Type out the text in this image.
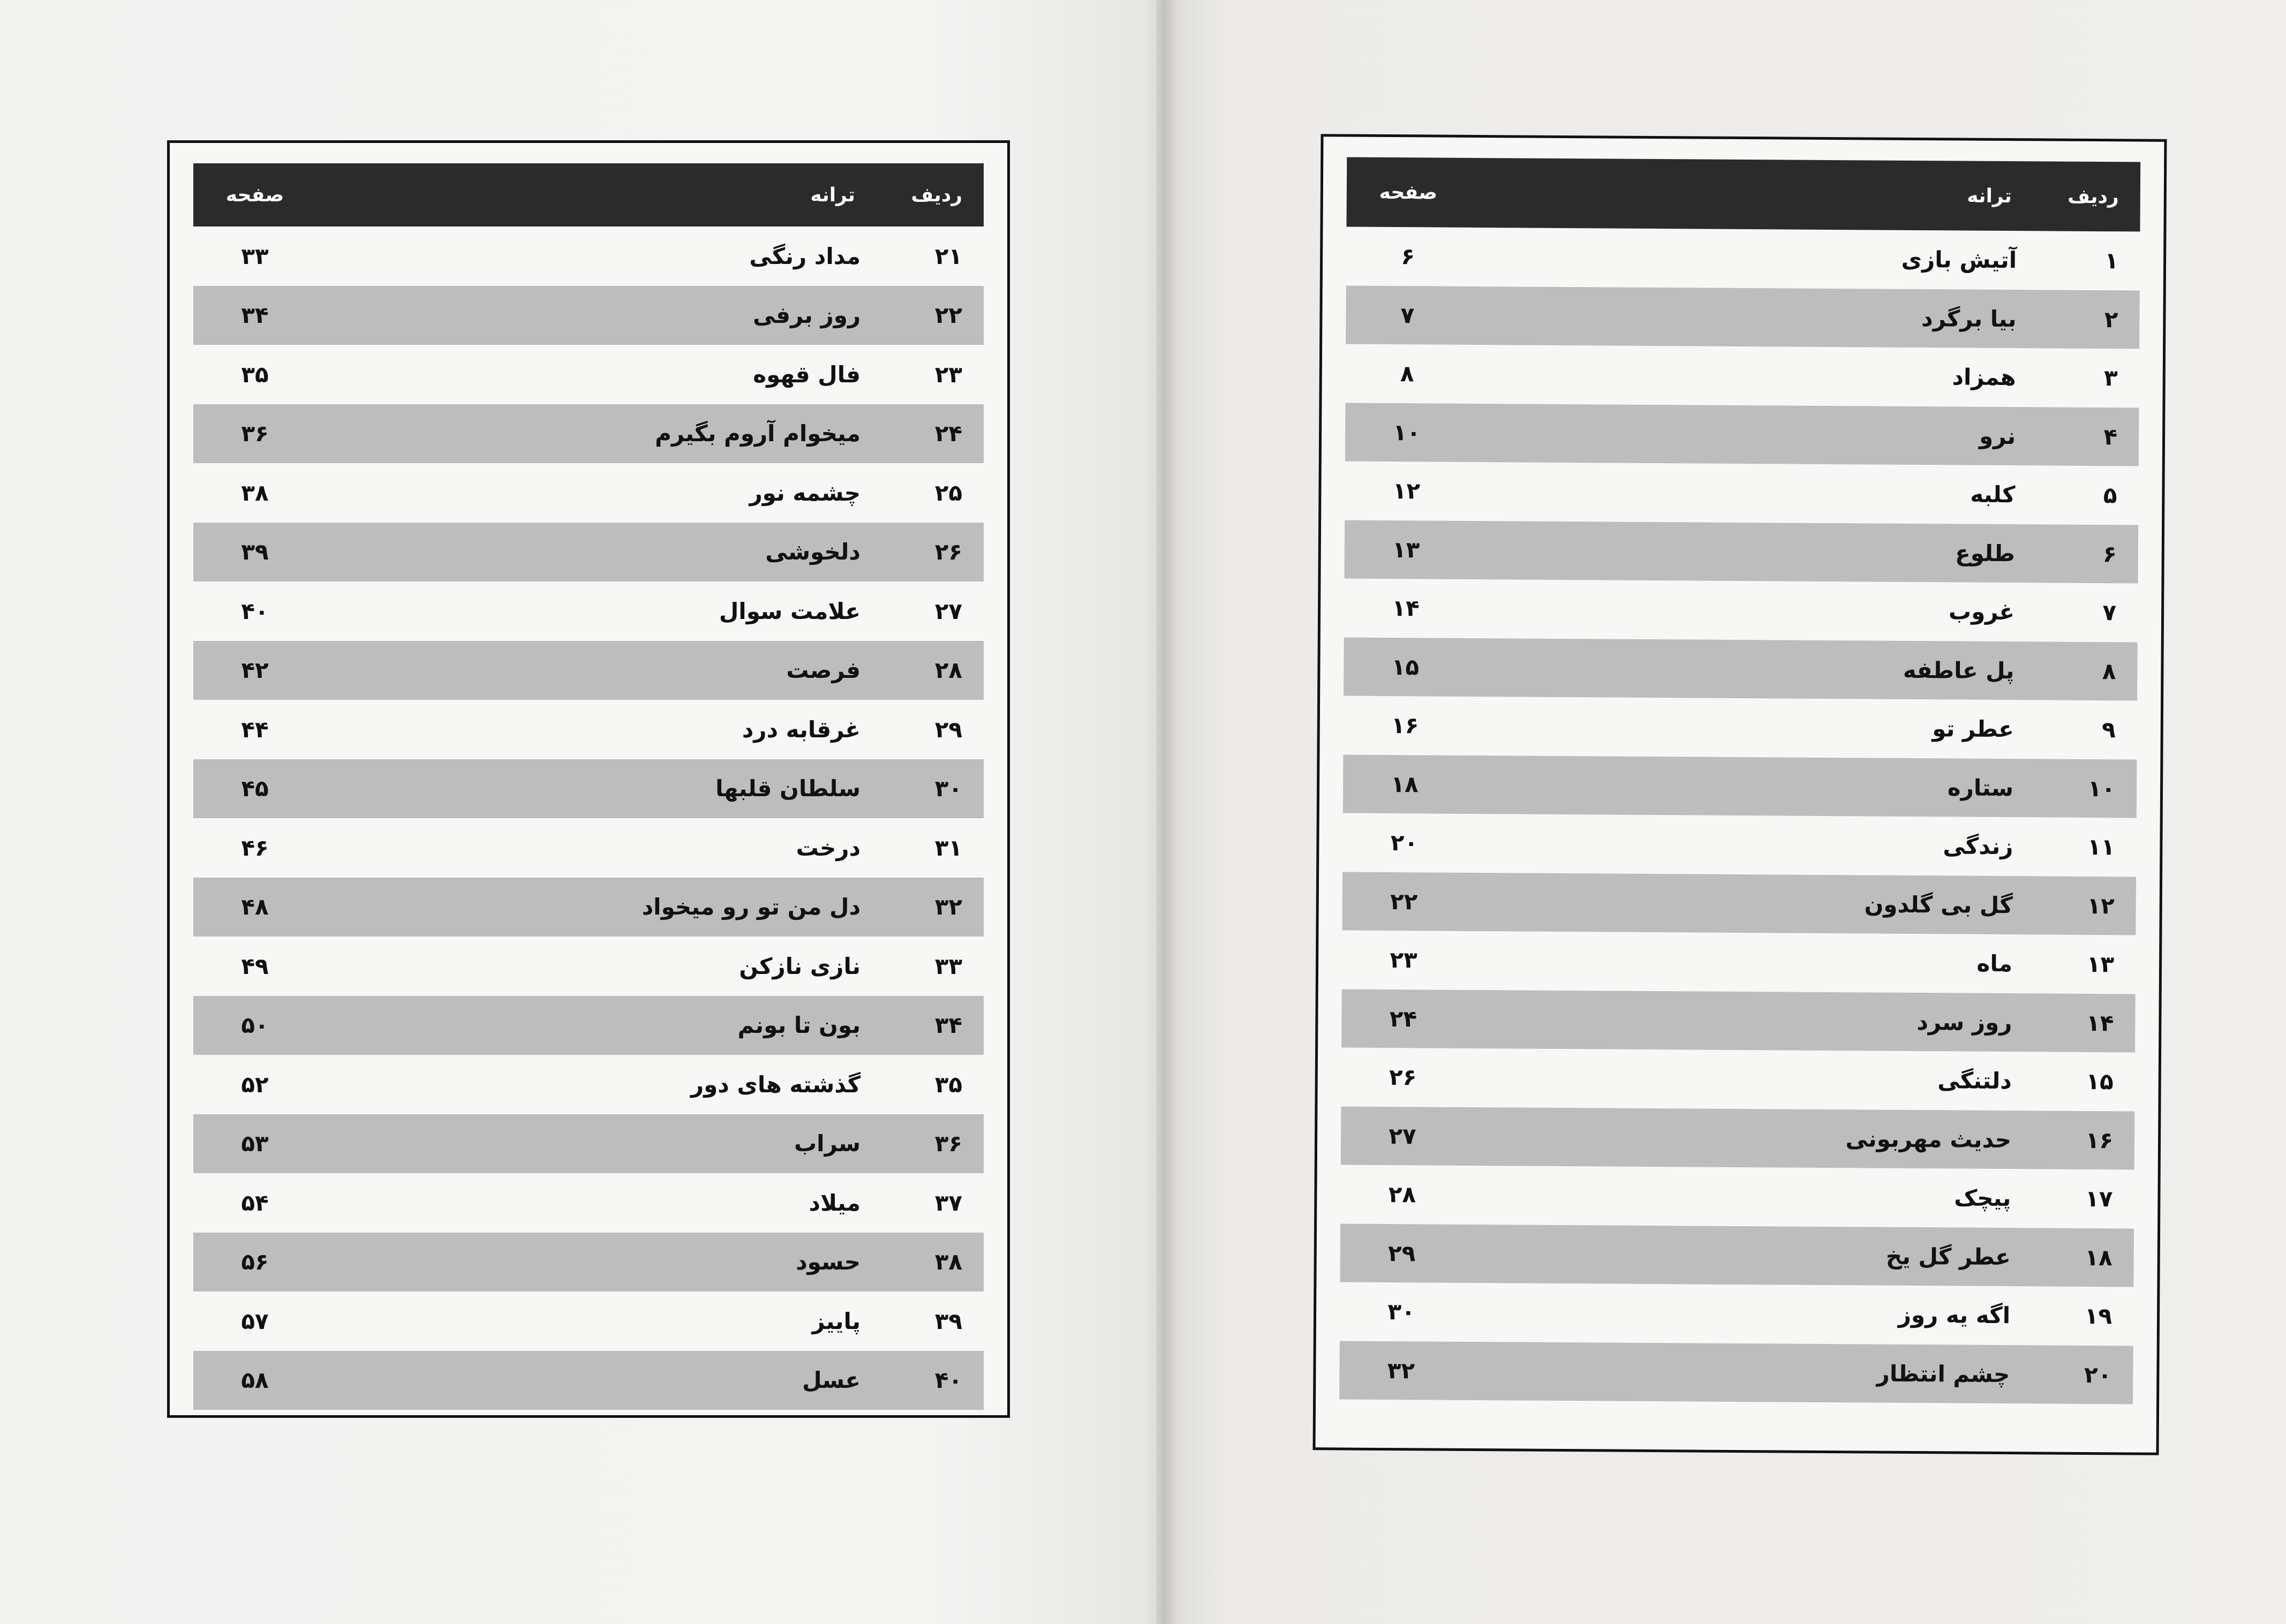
ردیف
ترانه
صفحه
۲۱
مداد رنگی
۳۳
۲۲
روز برفی
۳۴
۲۳
فال قهوه
۳۵
۲۴
میخوام آروم بگیرم
۳۶
۲۵
چشمه نور
۳۸
۲۶
دلخوشی
۳۹
۲۷
علامت سوال
۴۰
۲۸
فرصت
۴۲
۲۹
غرقابه درد
۴۴
۳۰
سلطان قلبها
۴۵
۳۱
درخت
۴۶
۳۲
دل من تو رو میخواد
۴۸
۳۳
نازی نازکن
۴۹
۳۴
بون تا بونم
۵۰
۳۵
گذشته های دور
۵۲
۳۶
سراب
۵۳
۳۷
میلاد
۵۴
۳۸
حسود
۵۶
۳۹
پاییز
۵۷
۴۰
عسل
۵۸
ردیف
ترانه
صفحه
۱
آتیش بازی
۶
۲
بیا برگرد
۷
۳
همزاد
۸
۴
نرو
۱۰
۵
کلبه
۱۲
۶
طلوع
۱۳
۷
غروب
۱۴
۸
پل عاطفه
۱۵
۹
عطر تو
۱۶
۱۰
ستاره
۱۸
۱۱
زندگی
۲۰
۱۲
گل بی گلدون
۲۲
۱۳
ماه
۲۳
۱۴
روز سرد
۲۴
۱۵
دلتنگی
۲۶
۱۶
حدیث مهربونی
۲۷
۱۷
پیچک
۲۸
۱۸
عطر گل یخ
۲۹
۱۹
اگه یه روز
۳۰
۲۰
چشم انتظار
۳۲
